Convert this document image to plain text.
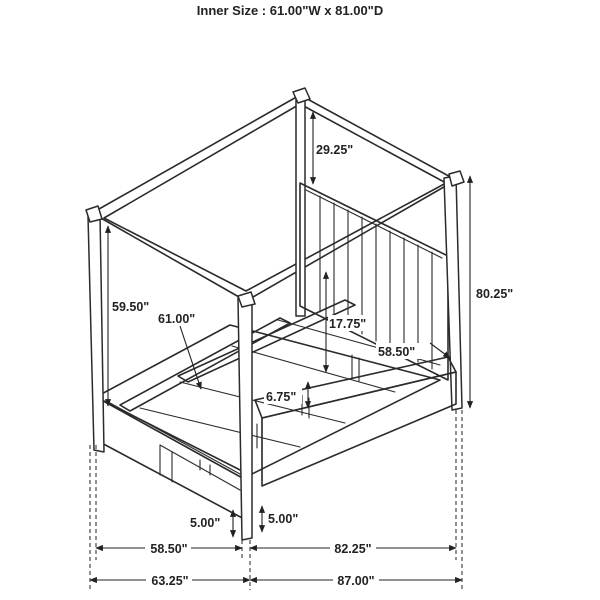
Inner Size : 61.00"W x 81.00"D
29.25"
80.25"
59.50"
61.00"	17.75"
58.50"
6.75"
5.00"	5.00"
58.50"	82.25"
63.25"	87.00"
